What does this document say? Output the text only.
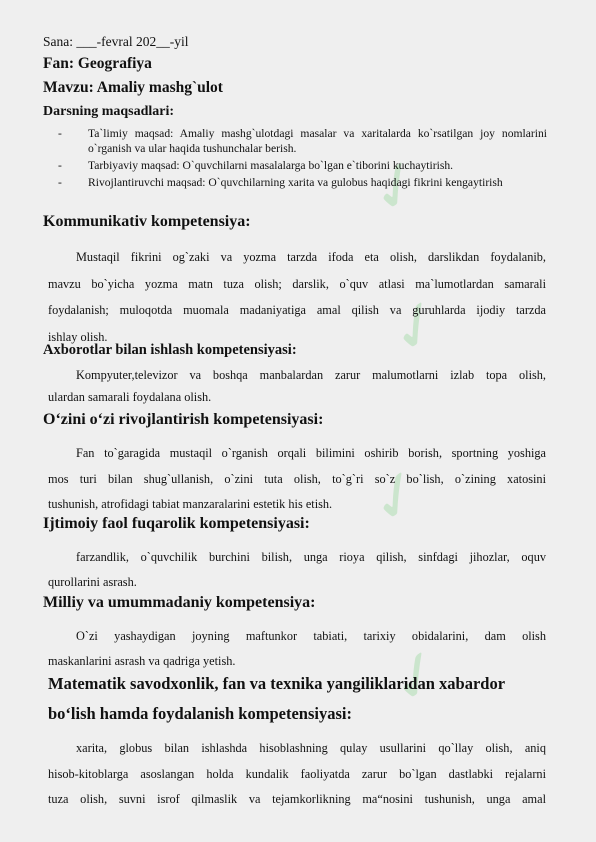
✓
✓
✓
✓
Sana: ___-fevral 202__-yil
Fan: Geografiya
Mavzu: Amaliy mashg`ulot
Darsning maqsadlari:
- Ta`limiy maqsad: Amaliy mashg`ulotdagi masalar va xaritalarda ko`rsatilgan joy nomlarini o`rganish va ular haqida tushunchalar berish.
- Tarbiyaviy maqsad: O`quvchilarni masalalarga bo`lgan e`tiborini kuchaytirish.
- Rivojlantiruvchi maqsad: O`quvchilarning xarita va gulobus haqidagi fikrini kengaytirish
Kommunikativ kompetensiya:

Mustaqil fikrini og`zaki va yozma tarzda ifoda eta olish, darslikdan foydalanib,

mavzu bo`yicha yozma matn tuza olish; darslik, o`quv atlasi ma`lumotlardan samarali

foydalanish; muloqotda muomala madaniyatiga amal qilish va guruhlarda ijodiy tarzda

ishlay olish.

Axborotlar bilan ishlash kompetensiyasi:

Kompyuter,televizor va boshqa manbalardan zarur malumotlarni izlab topa olish,

ulardan samarali foydalana olish.

O‘zini o‘zi rivojlantirish kompetensiyasi:

Fan to`garagida mustaqil o`rganish orqali bilimini oshirib borish, sportning yoshiga

mos turi bilan shug`ullanish, o`zini tuta olish, to`g`ri so`z bo`lish, o`zining xatosini

tushunish, atrofidagi tabiat manzaralarini estetik his etish.

Ijtimoiy faol fuqarolik kompetensiyasi:

farzandlik, o`quvchilik burchini bilish, unga rioya qilish, sinfdagi jihozlar, oquv

qurollarini asrash.

Milliy va umummadaniy kompetensiya:

O`zi yashaydigan joyning maftunkor tabiati, tarixiy obidalarini, dam olish

maskanlarini asrash va qadriga yetish.

Matematik savodxonlik, fan va texnika yangiliklaridan xabardor
bo‘lish hamda foydalanish kompetensiyasi:

xarita, globus bilan ishlashda hisoblashning qulay usullarini qo`llay olish, aniq

hisob-kitoblarga asoslangan holda kundalik faoliyatda zarur bo`lgan dastlabki rejalarni

tuza olish, suvni isrof qilmaslik va tejamkorlikning ma“nosini tushunish, unga amal
